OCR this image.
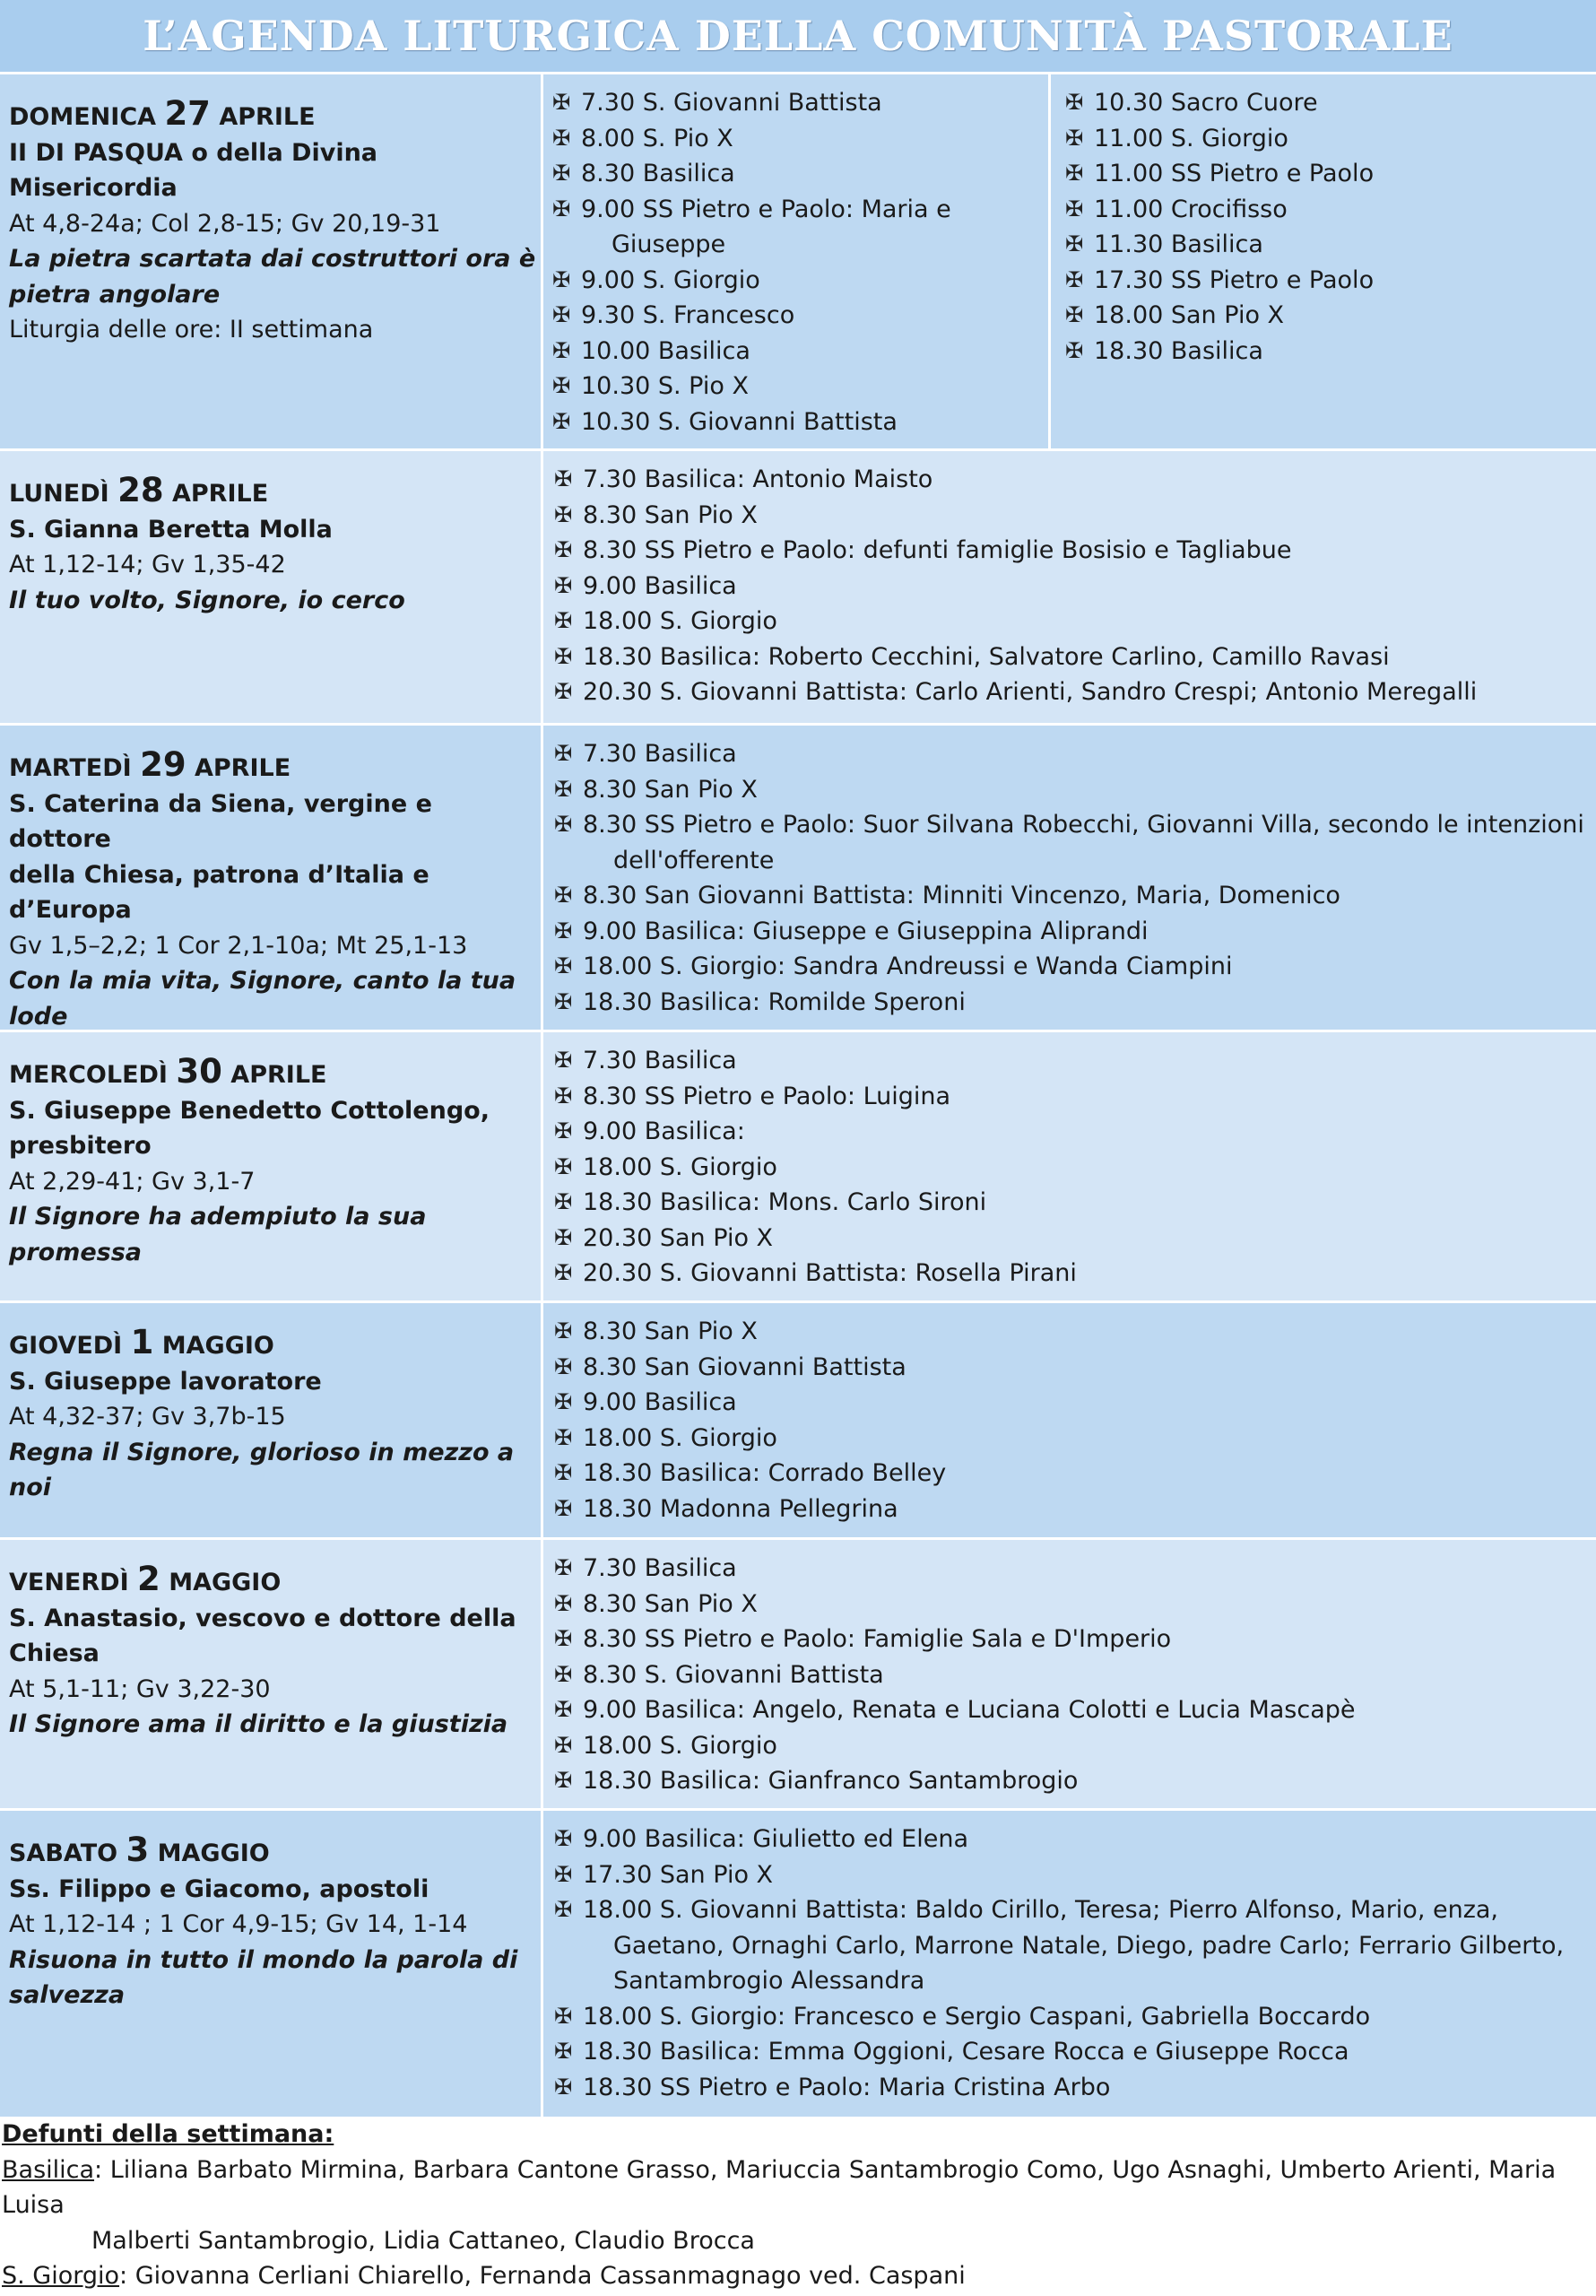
L’AGENDA LITURGICA DELLA COMUNITÀ PASTORALE
DOMENICA 27 APRILE
II DI PASQUA o della Divina Misericordia
At 4,8-24a; Col 2,8-15; Gv 20,19-31
La pietra scartata dai costruttori ora è
pietra angolare
Liturgia delle ore: II settimana
✠ 7.30 S. Giovanni Battista
✠ 8.00 S. Pio X
✠ 8.30 Basilica
✠ 9.00 SS Pietro e Paolo: Maria e
Giuseppe
✠ 9.00 S. Giorgio
✠ 9.30 S. Francesco
✠ 10.00 Basilica
✠ 10.30 S. Pio X
✠ 10.30 S. Giovanni Battista
✠ 10.30 Sacro Cuore
✠ 11.00 S. Giorgio
✠ 11.00 SS Pietro e Paolo
✠ 11.00 Crocifisso
✠ 11.30 Basilica
✠ 17.30 SS Pietro e Paolo
✠ 18.00 San Pio X
✠ 18.30 Basilica
LUNEDÌ 28 APRILE
S. Gianna Beretta Molla
At 1,12-14; Gv 1,35-42
Il tuo volto, Signore, io cerco
✠ 7.30 Basilica: Antonio Maisto
✠ 8.30 San Pio X
✠ 8.30 SS Pietro e Paolo: defunti famiglie Bosisio e Tagliabue
✠ 9.00 Basilica
✠ 18.00 S. Giorgio
✠ 18.30 Basilica: Roberto Cecchini, Salvatore Carlino, Camillo Ravasi
✠ 20.30 S. Giovanni Battista: Carlo Arienti, Sandro Crespi; Antonio Meregalli
MARTEDÌ 29 APRILE
S. Caterina da Siena, vergine e dottore
della Chiesa, patrona d’Italia e d’Europa
Gv 1,5–2,2; 1 Cor 2,1-10a; Mt 25,1-13
Con la mia vita, Signore, canto la tua lode
✠ 7.30 Basilica
✠ 8.30 San Pio X
✠ 8.30 SS Pietro e Paolo: Suor Silvana Robecchi, Giovanni Villa, secondo le intenzioni
dell'offerente
✠ 8.30 San Giovanni Battista: Minniti Vincenzo, Maria, Domenico
✠ 9.00 Basilica: Giuseppe e Giuseppina Aliprandi
✠ 18.00 S. Giorgio: Sandra Andreussi e Wanda Ciampini
✠ 18.30 Basilica: Romilde Speroni
MERCOLEDÌ 30 APRILE
S. Giuseppe Benedetto Cottolengo,
presbitero
At 2,29-41; Gv 3,1-7
Il Signore ha adempiuto la sua promessa
✠ 7.30 Basilica
✠ 8.30 SS Pietro e Paolo: Luigina
✠ 9.00 Basilica:
✠ 18.00 S. Giorgio
✠ 18.30 Basilica: Mons. Carlo Sironi
✠ 20.30 San Pio X
✠ 20.30 S. Giovanni Battista: Rosella Pirani
GIOVEDÌ 1 MAGGIO
S. Giuseppe lavoratore
At 4,32-37; Gv 3,7b-15
Regna il Signore, glorioso in mezzo a noi
✠ 8.30 San Pio X
✠ 8.30 San Giovanni Battista
✠ 9.00 Basilica
✠ 18.00 S. Giorgio
✠ 18.30 Basilica: Corrado Belley
✠ 18.30 Madonna Pellegrina
VENERDÌ 2 MAGGIO
S. Anastasio, vescovo e dottore della
Chiesa
At 5,1-11; Gv 3,22-30
Il Signore ama il diritto e la giustizia
✠ 7.30 Basilica
✠ 8.30 San Pio X
✠ 8.30 SS Pietro e Paolo: Famiglie Sala e D'Imperio
✠ 8.30 S. Giovanni Battista
✠ 9.00 Basilica: Angelo, Renata e Luciana Colotti e Lucia Mascapè
✠ 18.00 S. Giorgio
✠ 18.30 Basilica: Gianfranco Santambrogio
SABATO 3 MAGGIO
Ss. Filippo e Giacomo, apostoli
At 1,12-14 ; 1 Cor 4,9-15; Gv 14, 1-14
Risuona in tutto il mondo la parola di
salvezza
✠ 9.00 Basilica: Giulietto ed Elena
✠ 17.30 San Pio X
✠ 18.00 S. Giovanni Battista: Baldo Cirillo, Teresa; Pierro Alfonso, Mario, enza,
Gaetano, Ornaghi Carlo, Marrone Natale, Diego, padre Carlo; Ferrario Gilberto,
Santambrogio Alessandra
✠ 18.00 S. Giorgio: Francesco e Sergio Caspani, Gabriella Boccardo
✠ 18.30 Basilica: Emma Oggioni, Cesare Rocca e Giuseppe Rocca
✠ 18.30 SS Pietro e Paolo: Maria Cristina Arbo
Defunti della settimana:
Basilica: Liliana Barbato Mirmina, Barbara Cantone Grasso, Mariuccia Santambrogio Como, Ugo Asnaghi, Umberto Arienti, Maria Luisa
Malberti Santambrogio, Lidia Cattaneo, Claudio Brocca
S. Giorgio: Giovanna Cerliani Chiarello, Fernanda Cassanmagnago ved. Caspani
